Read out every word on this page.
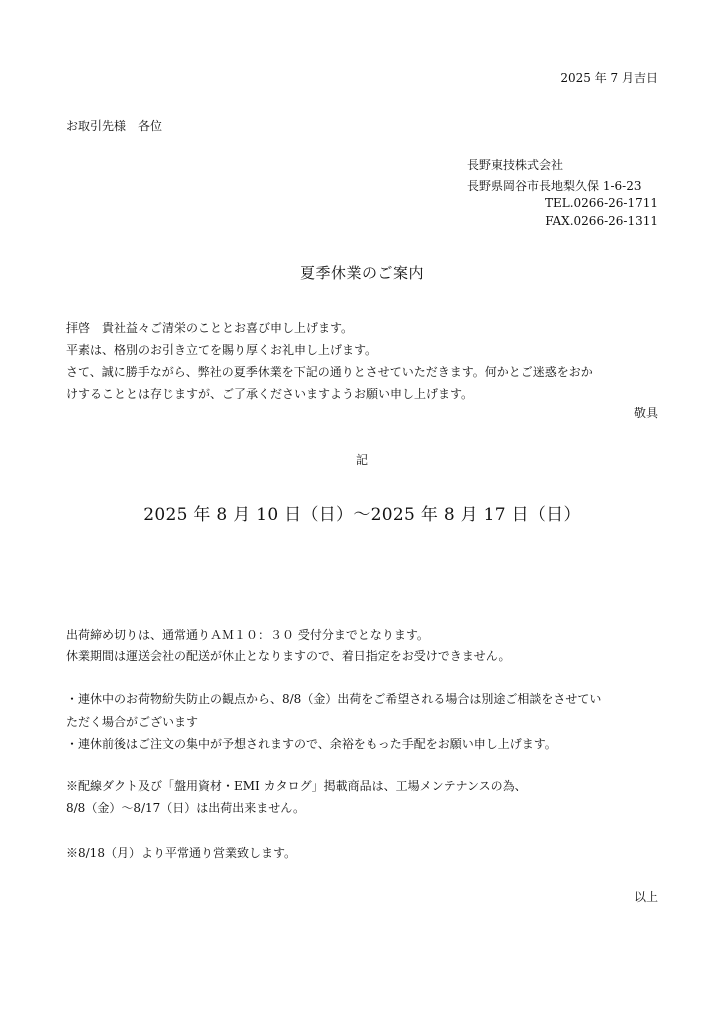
2025 年 7 月吉日
お取引先様　各位
長野東技株式会社
長野県岡谷市長地梨久保 1-6-23
TEL.0266-26-1711
FAX.0266-26-1311
夏季休業のご案内
拝啓　貴社益々ご清栄のこととお喜び申し上げます。
平素は、格別のお引き立てを賜り厚くお礼申し上げます。
さて、誠に勝手ながら、弊社の夏季休業を下記の通りとさせていただきます。何かとご迷惑をおか
けすることとは存じますが、ご了承くださいますようお願い申し上げます。
敬具
記
2025 年 8 月 10 日（日）～2025 年 8 月 17 日（日）
出荷締め切りは、通常通りＡＭ１０：３０ 受付分までとなります。
休業期間は運送会社の配送が休止となりますので、着日指定をお受けできません。
・連休中のお荷物紛失防止の観点から、8/8（金）出荷をご希望される場合は別途ご相談をさせてい
ただく場合がございます
・連休前後はご注文の集中が予想されますので、余裕をもった手配をお願い申し上げます。
※配線ダクト及び「盤用資材・EMI カタログ」掲載商品は、工場メンテナンスの為、
8/8（金）～8/17（日）は出荷出来ません。
※8/18（月）より平常通り営業致します。
以上
